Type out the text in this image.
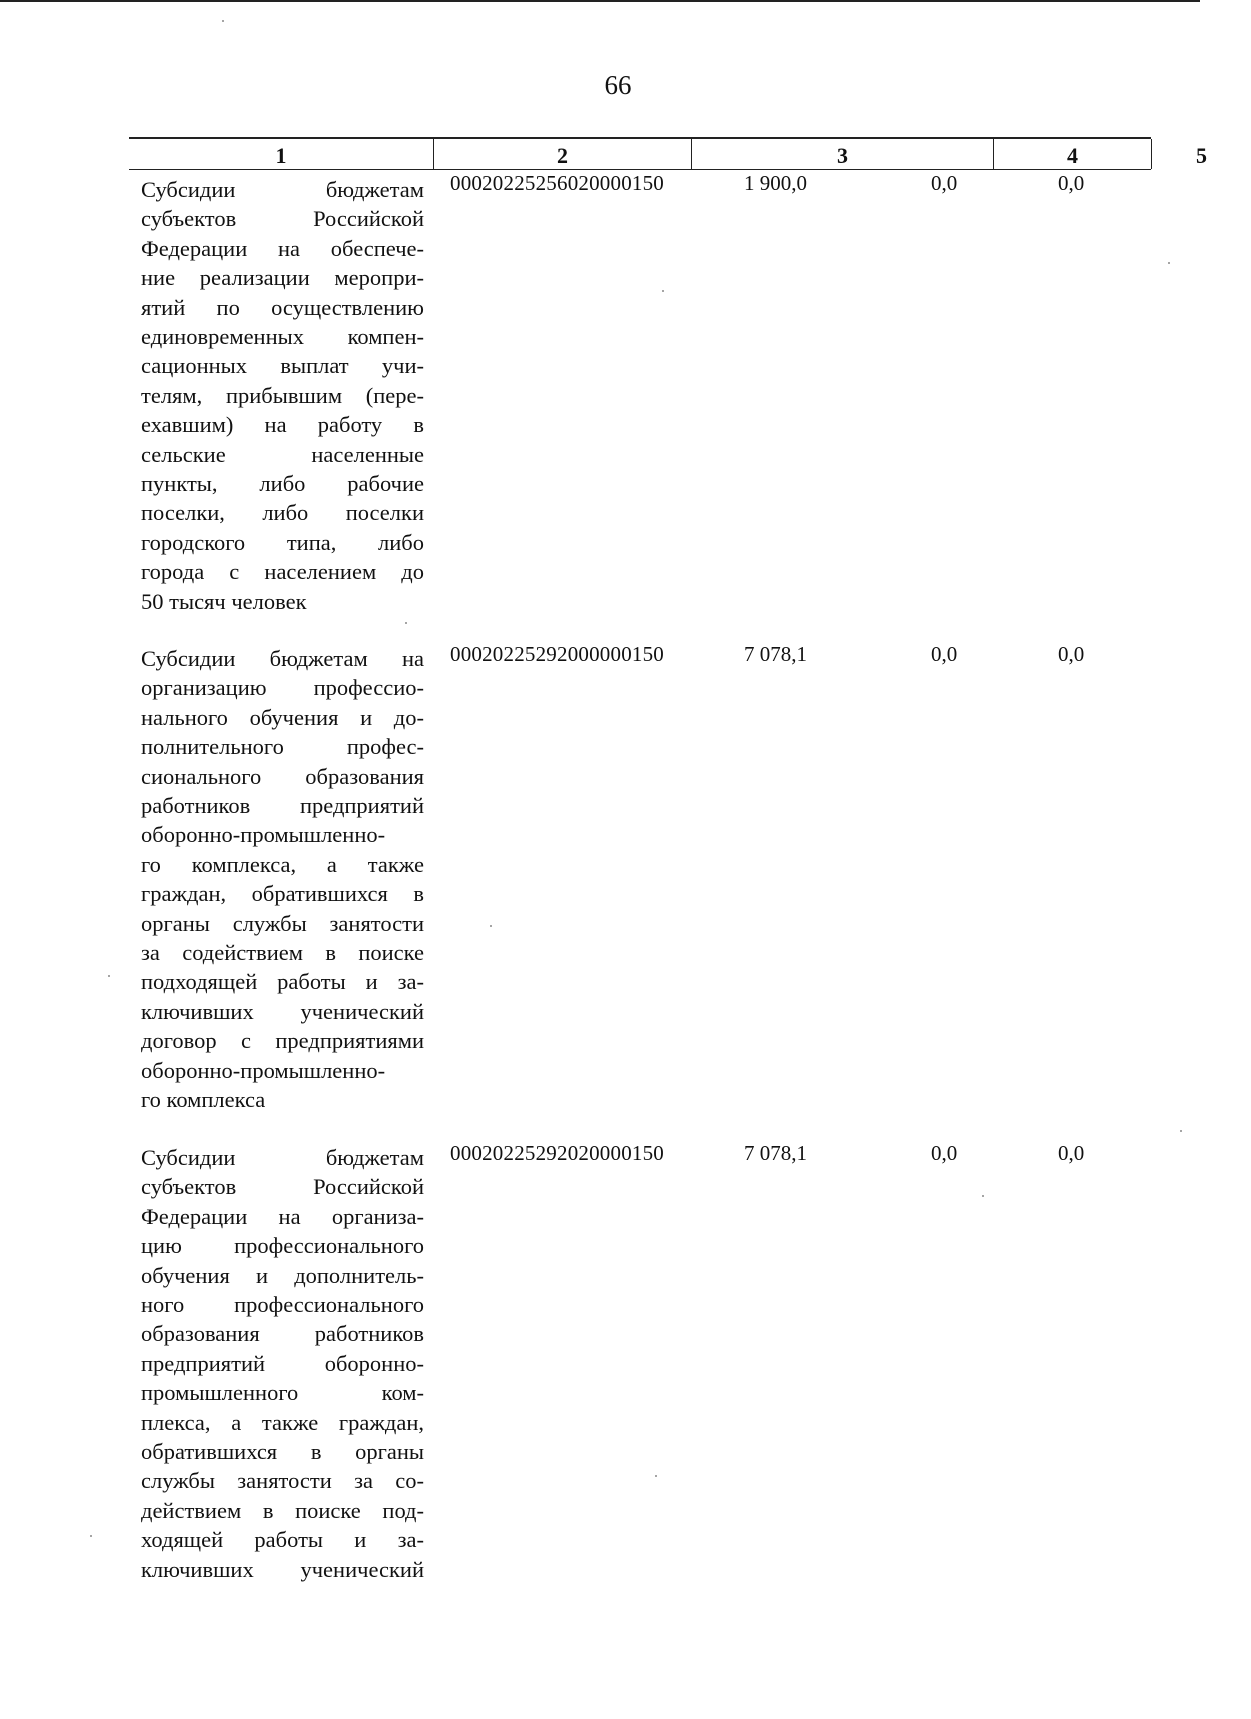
66
1	2	3	4	5
Субсидии бюджетам
субъектов Российской
Федерации на обеспече-
ние реализации меропри-
ятий по осуществлению
единовременных компен-
сационных выплат учи-
телям, прибывшим (пере-
ехавшим) на работу в
сельские населенные
пункты, либо рабочие
поселки, либо поселки
городского типа, либо
города с населением до
50 тысяч человек
00020225256020000150	1 900,0	0,0	0,0
Субсидии бюджетам на
организацию профессио-
нального обучения и до-
полнительного профес-
сионального образования
работников предприятий
оборонно-промышленно-
го комплекса, а также
граждан, обратившихся в
органы службы занятости
за содействием в поиске
подходящей работы и за-
ключивших ученический
договор с предприятиями
оборонно-промышленно-
го комплекса
00020225292000000150	7 078,1	0,0	0,0
Субсидии бюджетам
субъектов Российской
Федерации на организа-
цию профессионального
обучения и дополнитель-
ного профессионального
образования работников
предприятий оборонно-
промышленного ком-
плекса, а также граждан,
обратившихся в органы
службы занятости за со-
действием в поиске под-
ходящей работы и за-
ключивших ученический
00020225292020000150	7 078,1	0,0	0,0
